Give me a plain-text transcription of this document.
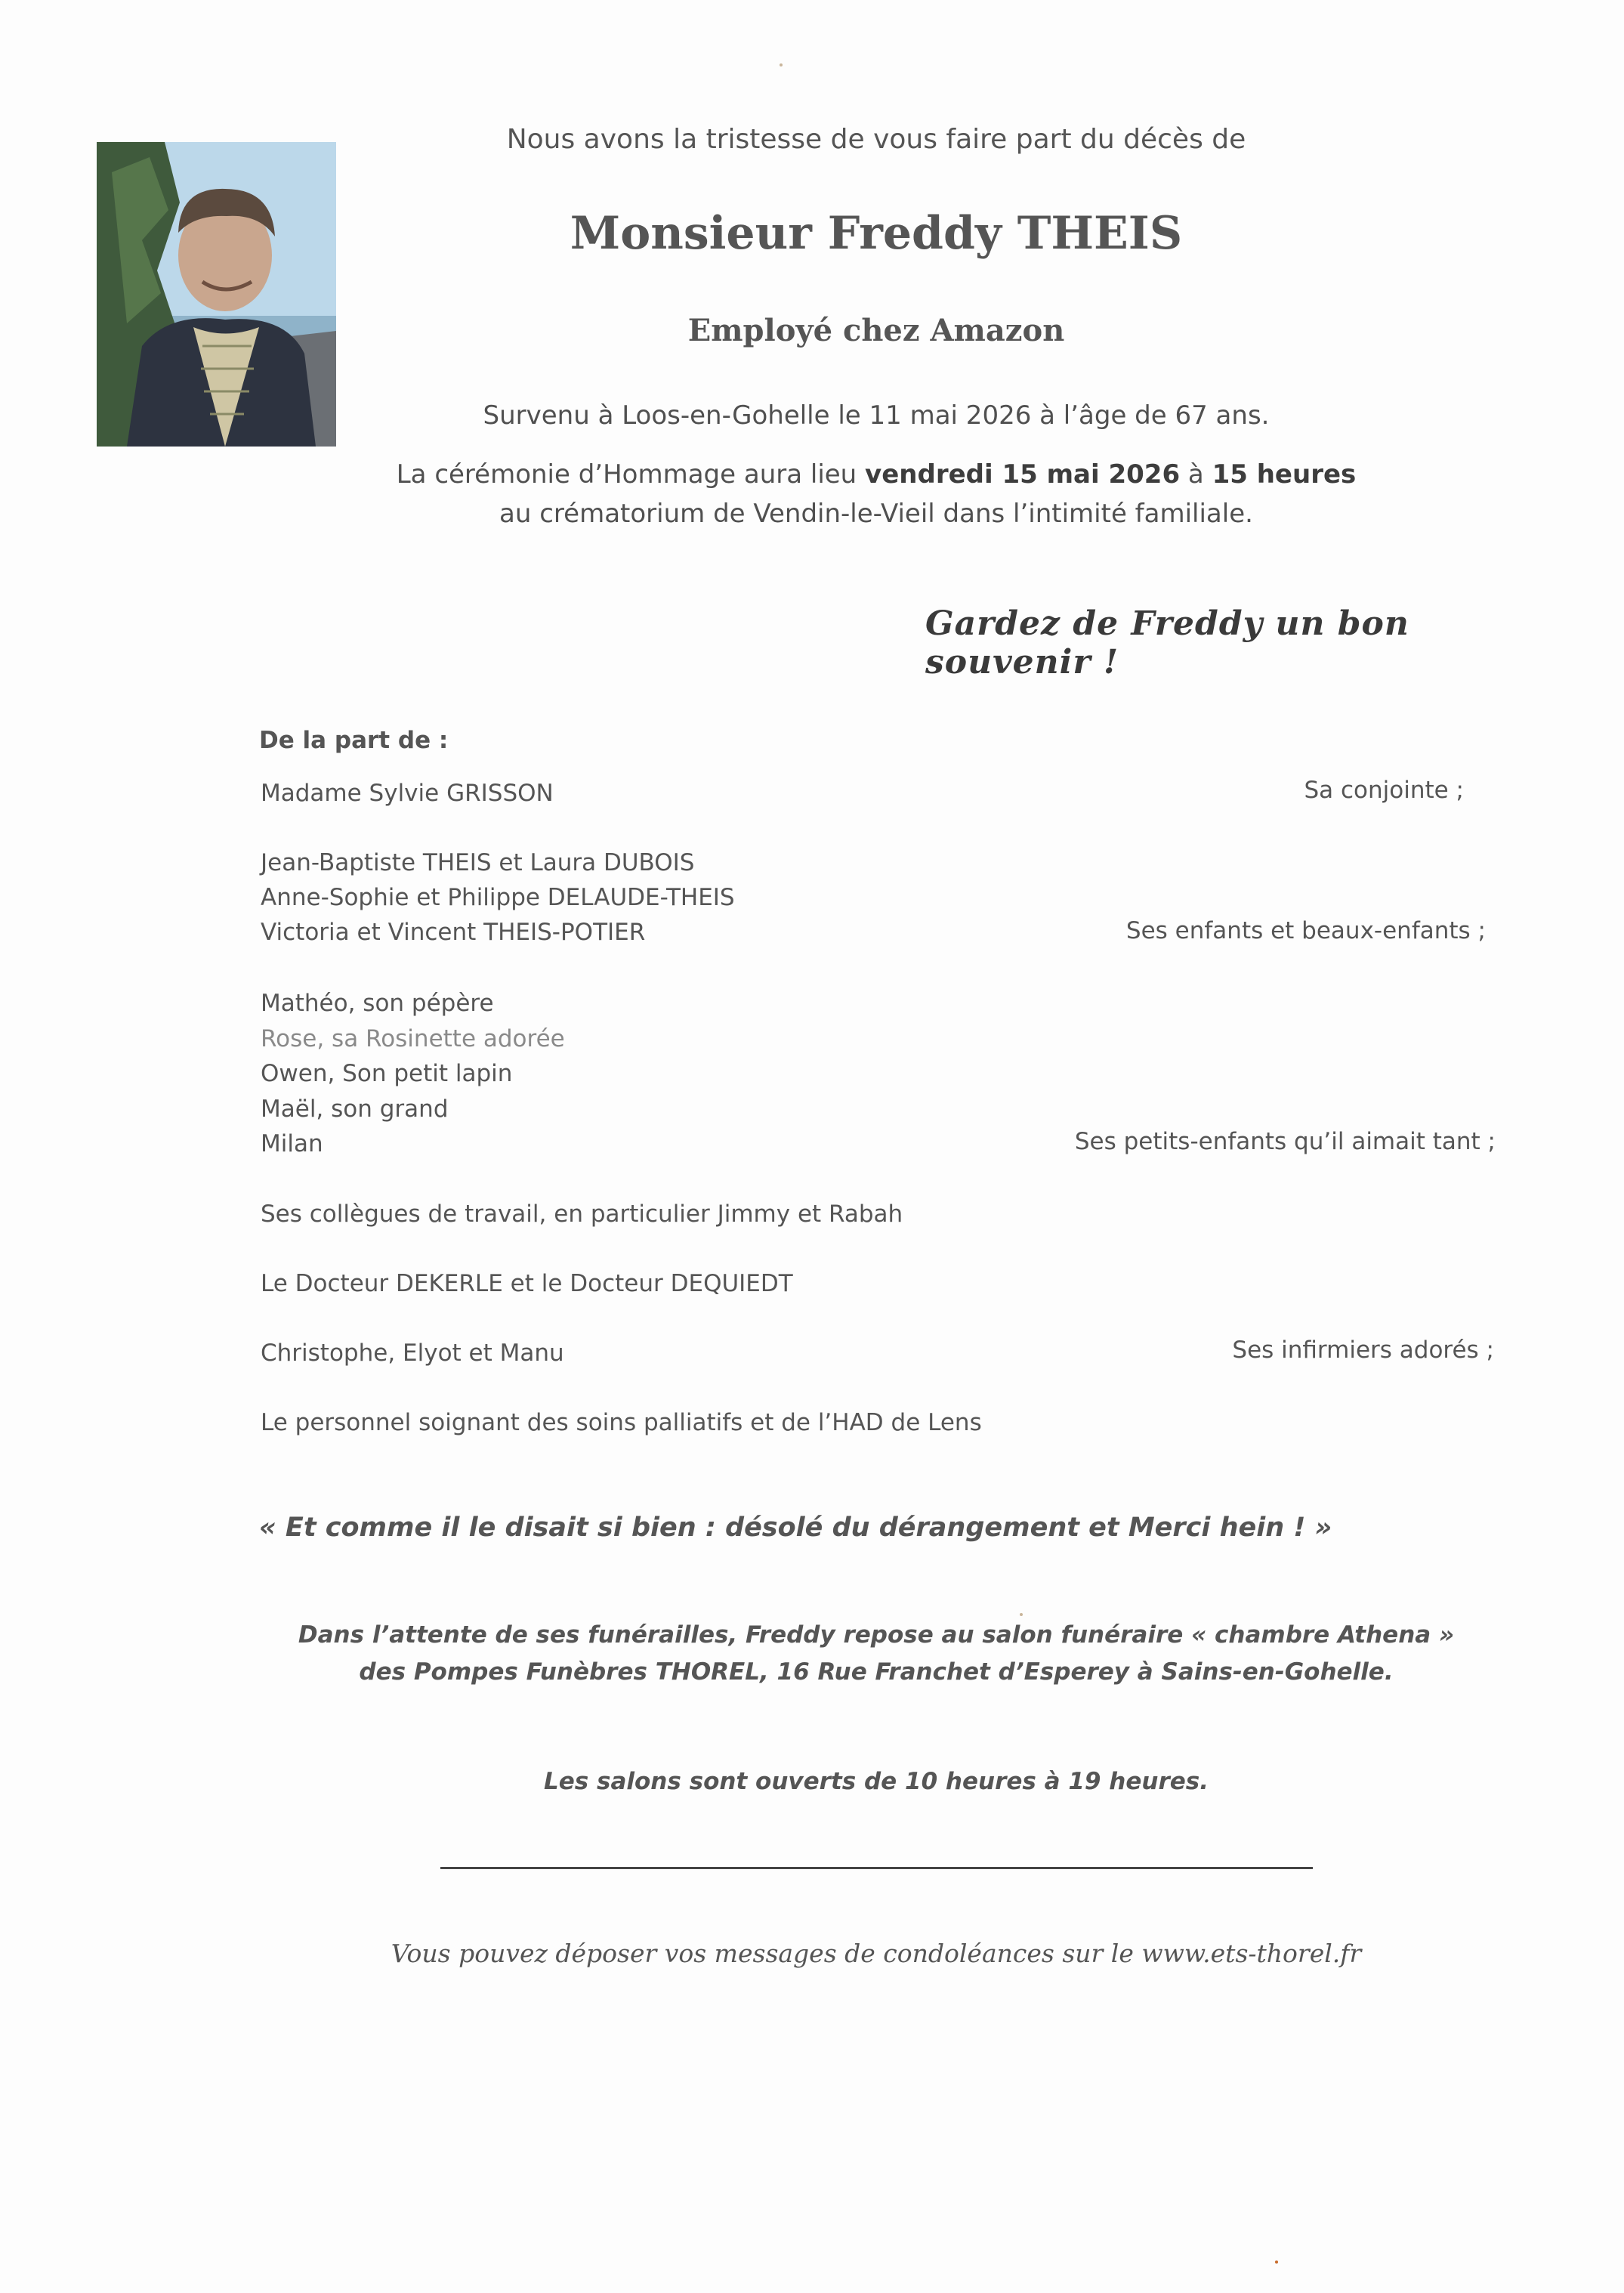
Nous avons la tristesse de vous faire part du décès de
Monsieur Freddy THEIS
Employé chez Amazon
Survenu à Loos-en-Gohelle le 11 mai 2026 à l’âge de 67 ans.
La cérémonie d’Hommage aura lieu vendredi 15 mai 2026 à 15 heures
au crématorium de Vendin-le-Vieil dans l’intimité familiale.
Gardez de Freddy un bon souvenir !
De la part de :
Madame Sylvie GRISSON	Sa conjointe ;
Jean-Baptiste THEIS et Laura DUBOIS
Anne-Sophie et Philippe DELAUDE-THEIS
Victoria et Vincent THEIS-POTIER	Ses enfants et beaux-enfants ;
Mathéo, son pépère
Rose, sa Rosinette adorée
Owen, Son petit lapin
Maël, son grand
Milan	Ses petits-enfants qu’il aimait tant ;
Ses collègues de travail, en particulier Jimmy et Rabah
Le Docteur DEKERLE et le Docteur DEQUIEDT
Christophe, Elyot et Manu	Ses infirmiers adorés ;
Le personnel soignant des soins palliatifs et de l’HAD de Lens
« Et comme il le disait si bien : désolé du dérangement et Merci hein ! »
Dans l’attente de ses funérailles, Freddy repose au salon funéraire « chambre Athena »
des Pompes Funèbres THOREL, 16 Rue Franchet d’Esperey à Sains-en-Gohelle.
Les salons sont ouverts de 10 heures à 19 heures.
Vous pouvez déposer vos messages de condoléances sur le www.ets-thorel.fr
